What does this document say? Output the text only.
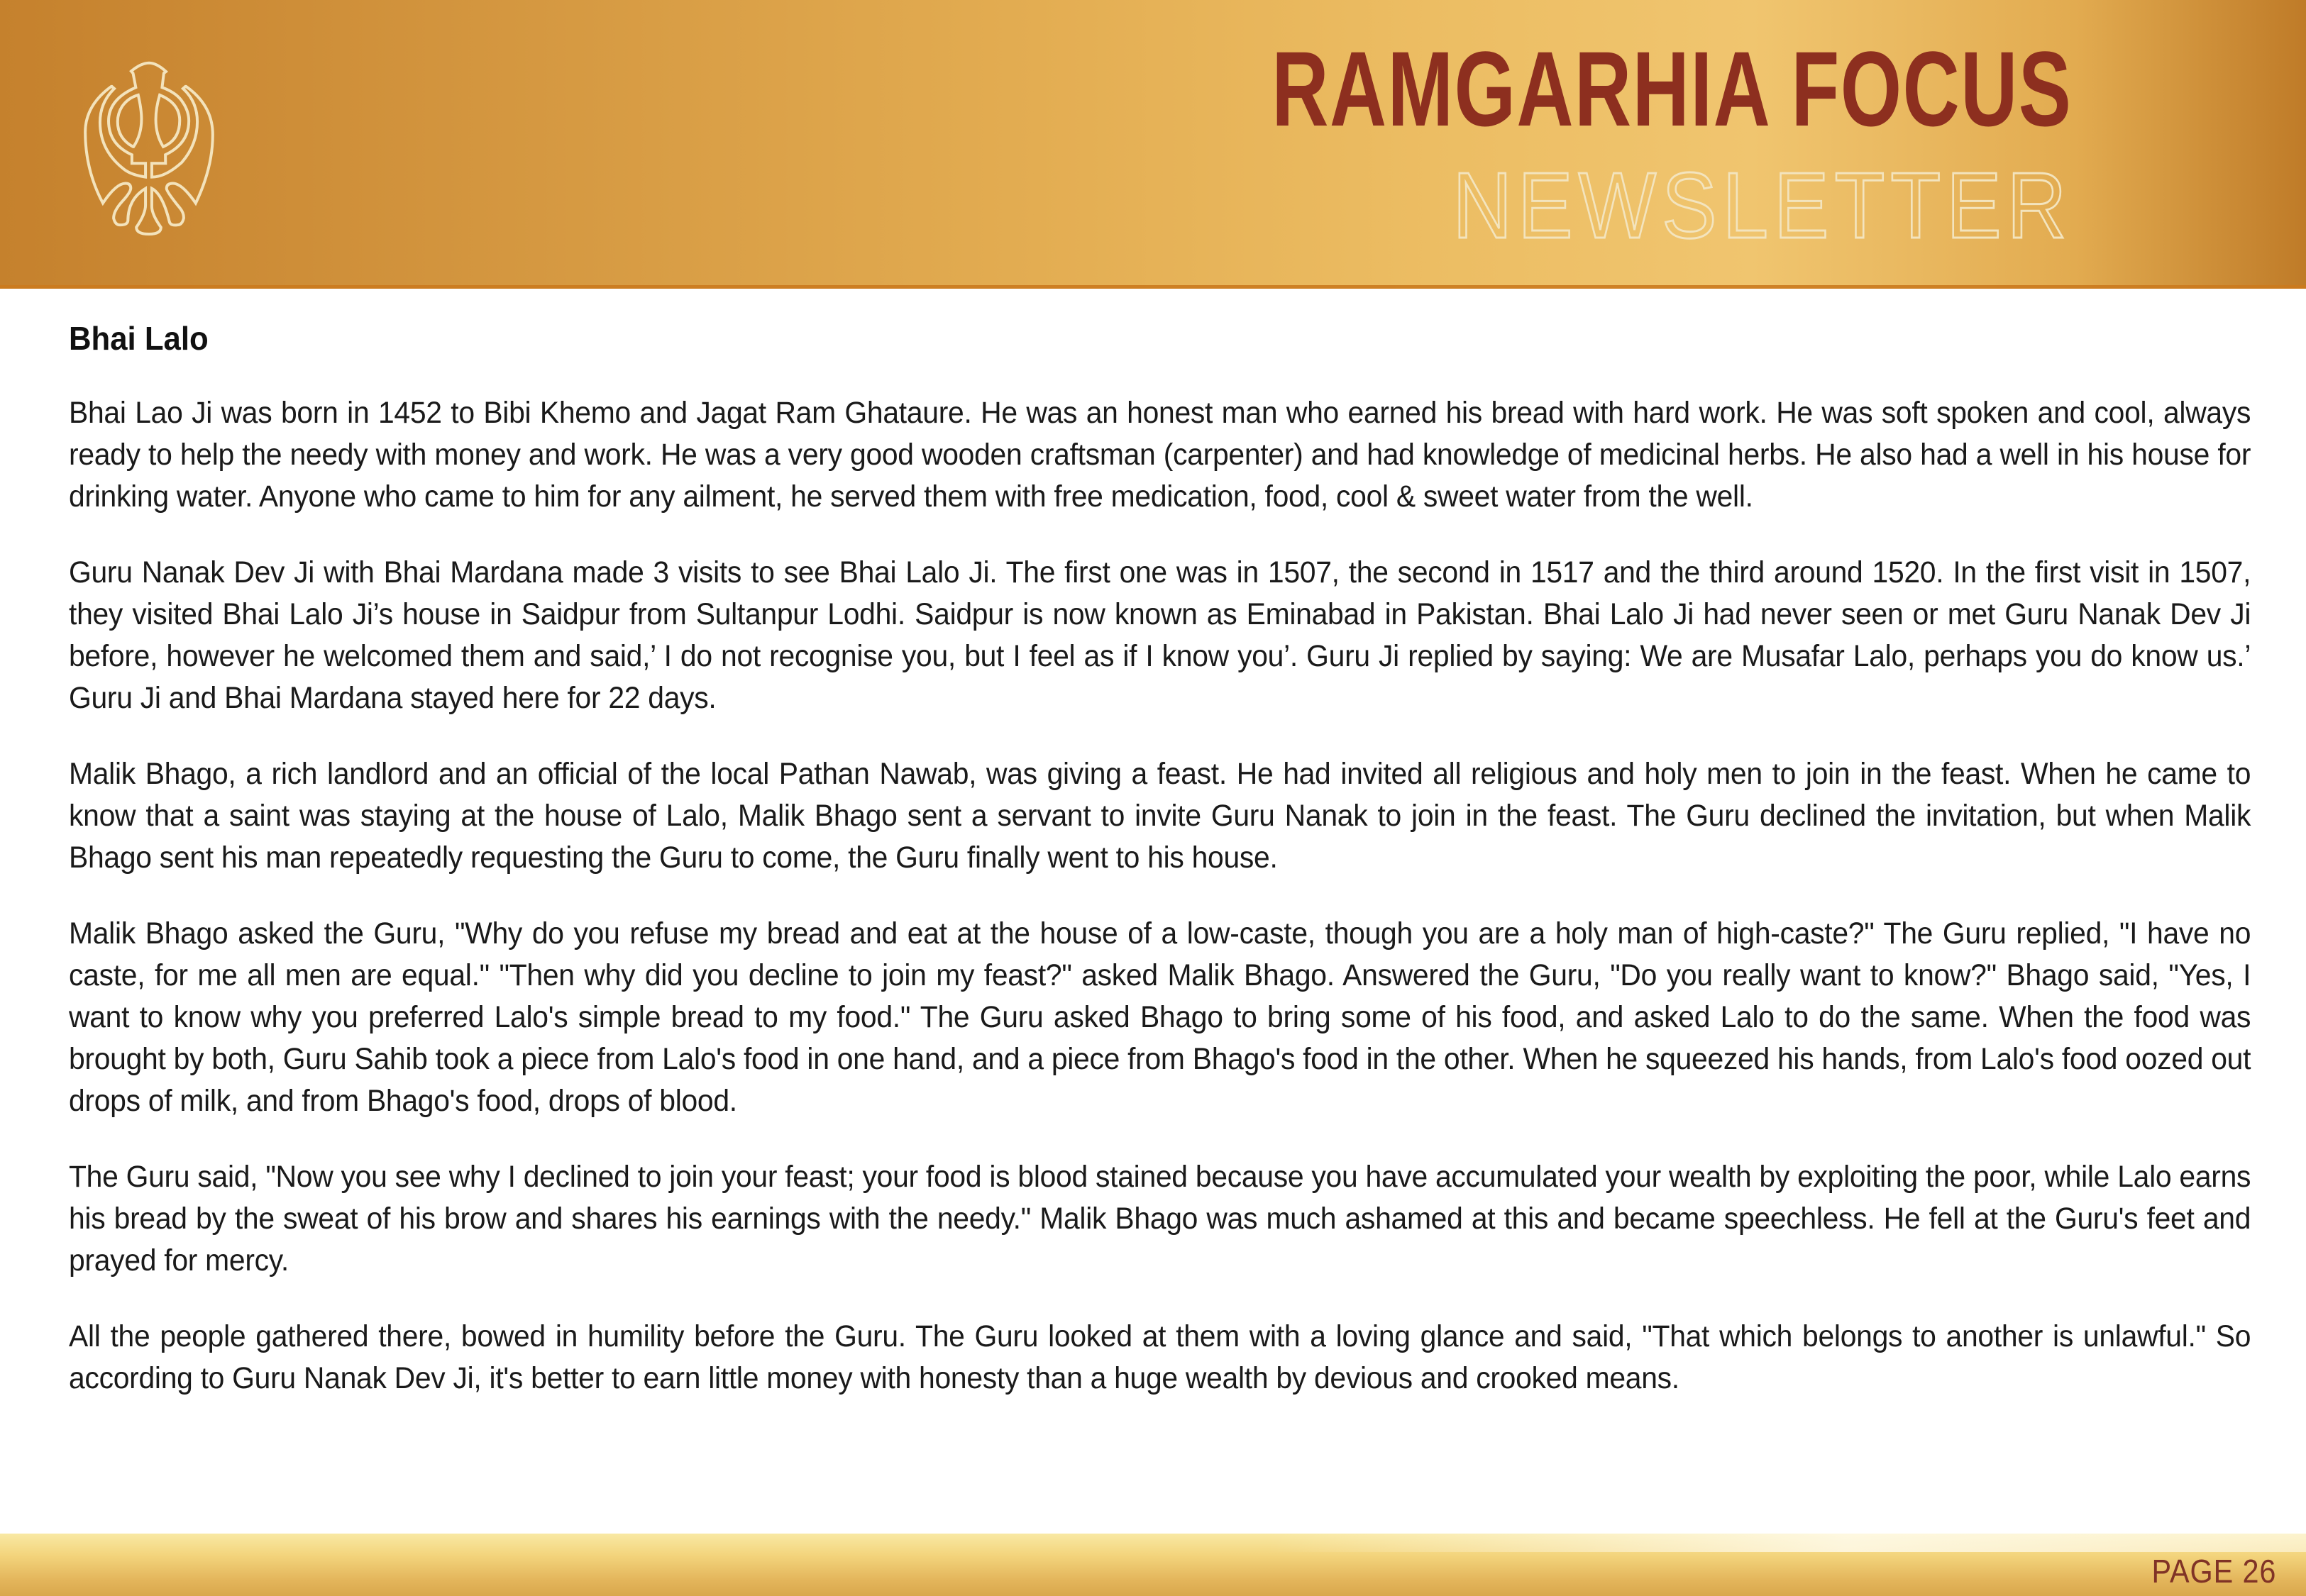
☬	RAMGARHIA FOCUS
NEWSLETTER
Bhai Lalo

Bhai Lao Ji was born in 1452 to Bibi Khemo and Jagat Ram Ghataure. He was an honest man who earned his bread with hard work. He was soft spoken and cool, always ready to help the needy with money and work. He was a very good wooden craftsman (carpenter) and had knowledge of medicinal herbs. He also had a well in his house for drinking water. Anyone who came to him for any ailment, he served them with free medication, food, cool & sweet water from the well.

Guru Nanak Dev Ji with Bhai Mardana made 3 visits to see Bhai Lalo Ji. The first one was in 1507, the second in 1517 and the third around 1520. In the first visit in 1507, they visited Bhai Lalo Ji’s house in Saidpur from Sultanpur Lodhi. Saidpur is now known as Eminabad in Pakistan. Bhai Lalo Ji had never seen or met Guru Nanak Dev Ji before, however he welcomed them and said,’ I do not recognise you, but I feel as if I know you’. Guru Ji replied by saying: We are Musafar Lalo, perhaps you do know us.’ Guru Ji and Bhai Mardana stayed here for 22 days.

Malik Bhago, a rich landlord and an official of the local Pathan Nawab, was giving a feast. He had invited all religious and holy men to join in the feast. When he came to know that a saint was staying at the house of Lalo, Malik Bhago sent a servant to invite Guru Nanak to join in the feast. The Guru declined the invitation, but when Malik Bhago sent his man repeatedly requesting the Guru to come, the Guru finally went to his house.

Malik Bhago asked the Guru, "Why do you refuse my bread and eat at the house of a low-caste, though you are a holy man of high-caste?" The Guru replied, "I have no caste, for me all men are equal." "Then why did you decline to join my feast?" asked Malik Bhago. Answered the Guru, "Do you really want to know?" Bhago said, "Yes, I want to know why you preferred Lalo's simple bread to my food." The Guru asked Bhago to bring some of his food, and asked Lalo to do the same. When the food was brought by both, Guru Sahib took a piece from Lalo's food in one hand, and a piece from Bhago's food in the other. When he squeezed his hands, from Lalo's food oozed out drops of milk, and from Bhago's food, drops of blood.

The Guru said, "Now you see why I declined to join your feast; your food is blood stained because you have accumulated your wealth by exploiting the poor, while Lalo earns his bread by the sweat of his brow and shares his earnings with the needy." Malik Bhago was much ashamed at this and became speechless. He fell at the Guru's feet and prayed for mercy.

All the people gathered there, bowed in humility before the Guru. The Guru looked at them with a loving glance and said, "That which belongs to another is unlawful." So according to Guru Nanak Dev Ji, it's better to earn little money with honesty than a huge wealth by devious and crooked means.

PAGE 26
